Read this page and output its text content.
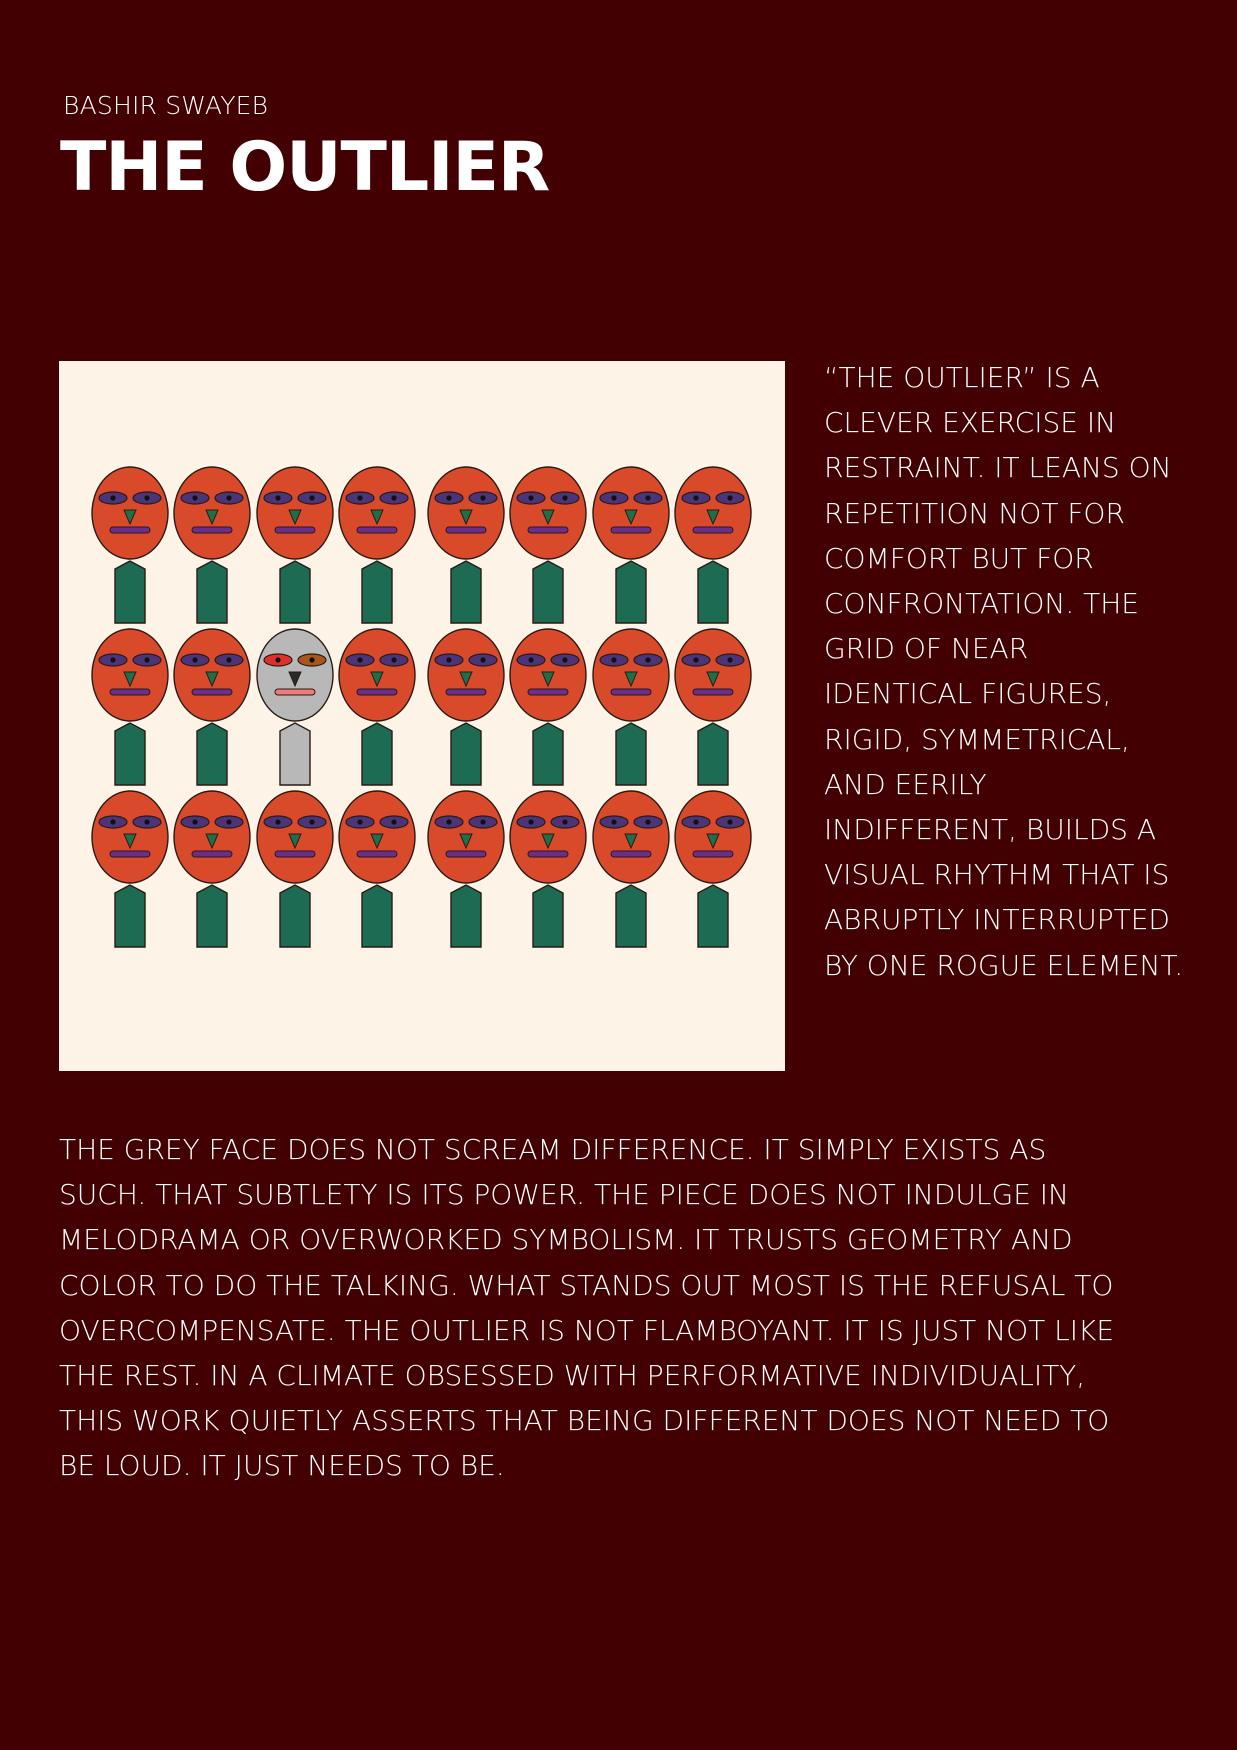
BASHIR SWAYEB
THE OUTLIER

“THE OUTLIER” IS A CLEVER EXERCISE IN RESTRAINT. IT LEANS ON REPETITION NOT FOR COMFORT BUT FOR CONFRONTATION. THE GRID OF NEAR IDENTICAL FIGURES, RIGID, SYMMETRICAL, AND EERILY INDIFFERENT, BUILDS A VISUAL RHYTHM THAT IS ABRUPTLY INTERRUPTED BY ONE ROGUE ELEMENT.

THE GREY FACE DOES NOT SCREAM DIFFERENCE. IT SIMPLY EXISTS AS SUCH. THAT SUBTLETY IS ITS POWER. THE PIECE DOES NOT INDULGE IN MELODRAMA OR OVERWORKED SYMBOLISM. IT TRUSTS GEOMETRY AND COLOR TO DO THE TALKING. WHAT STANDS OUT MOST IS THE REFUSAL TO OVERCOMPENSATE. THE OUTLIER IS NOT FLAMBOYANT. IT IS JUST NOT LIKE THE REST. IN A CLIMATE OBSESSED WITH PERFORMATIVE INDIVIDUALITY, THIS WORK QUIETLY ASSERTS THAT BEING DIFFERENT DOES NOT NEED TO BE LOUD. IT JUST NEEDS TO BE.
